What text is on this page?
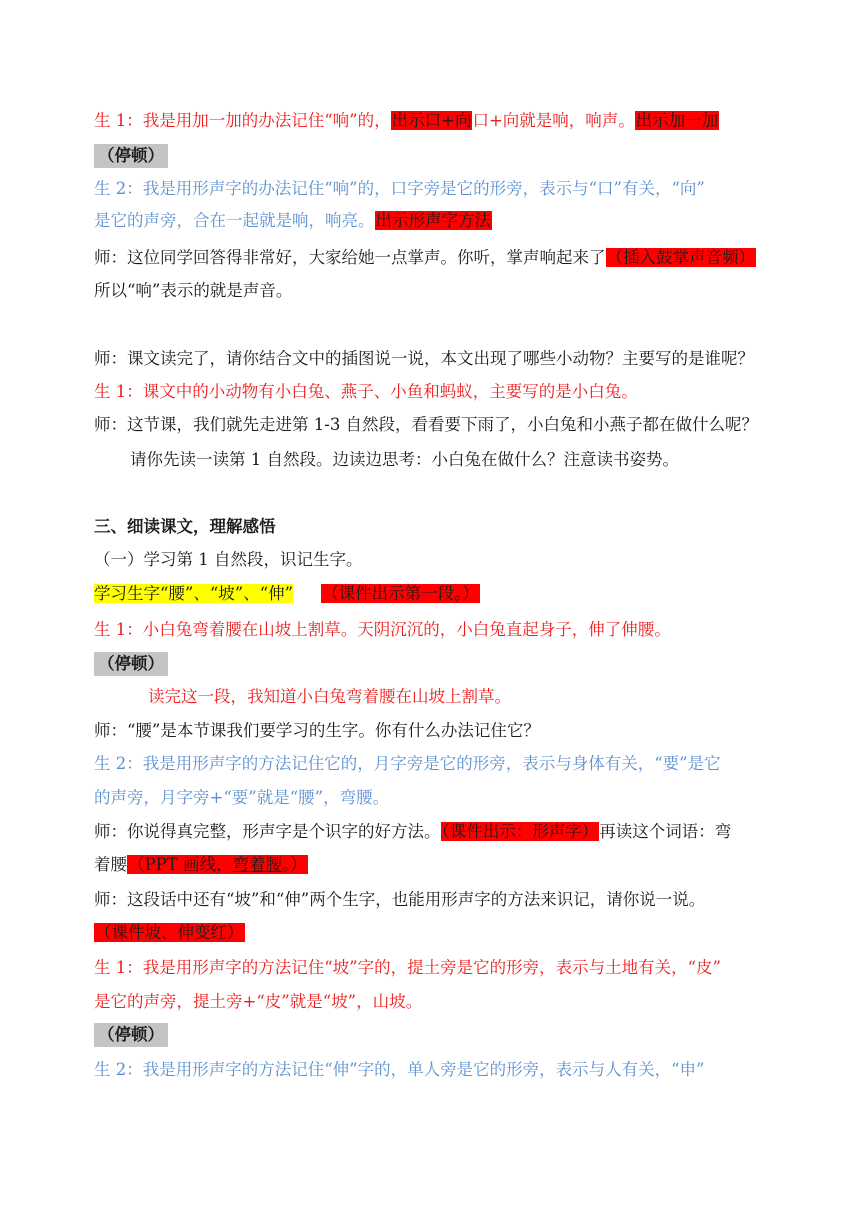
生 1：我是用加一加的办法记住“响”的，出示口+向口+向就是响，响声。出示加一加
（停顿）
生 2：我是用形声字的办法记住“响”的，口字旁是它的形旁，表示与“口”有关，“向”
是它的声旁，合在一起就是响，响亮。出示形声字方法
师：这位同学回答得非常好，大家给她一点掌声。你听，掌声响起来了（插入鼓掌声音频）
所以“响”表示的就是声音。
师：课文读完了，请你结合文中的插图说一说，本文出现了哪些小动物？主要写的是谁呢？
生 1：课文中的小动物有小白兔、燕子、小鱼和蚂蚁，主要写的是小白兔。
师：这节课，我们就先走进第 1-3 自然段，看看要下雨了，小白兔和小燕子都在做什么呢？
请你先读一读第 1 自然段。边读边思考：小白兔在做什么？注意读书姿势。
三、细读课文，理解感悟
（一）学习第 1 自然段，识记生字。
学习生字“腰”、“坡”、“伸” （课件出示第一段。）
生 1：小白兔弯着腰在山坡上割草。天阴沉沉的，小白兔直起身子，伸了伸腰。
（停顿）
读完这一段，我知道小白兔弯着腰在山坡上割草。
师：“腰”是本节课我们要学习的生字。你有什么办法记住它？
生 2：我是用形声字的方法记住它的，月字旁是它的形旁，表示与身体有关，“要”是它
的声旁，月字旁+“要”就是“腰”，弯腰。
师：你说得真完整，形声字是个识字的好方法。（课件出示：形声字）再读这个词语：弯
着腰（PPT 画线，弯着腰。）
师：这段话中还有“坡”和“伸”两个生字，也能用形声字的方法来识记，请你说一说。
（课件坡、伸变红）
生 1：我是用形声字的方法记住“坡”字的，提土旁是它的形旁，表示与土地有关，“皮”
是它的声旁，提土旁+“皮”就是“坡”，山坡。
（停顿）
生 2：我是用形声字的方法记住“伸”字的，单人旁是它的形旁，表示与人有关，“申”
